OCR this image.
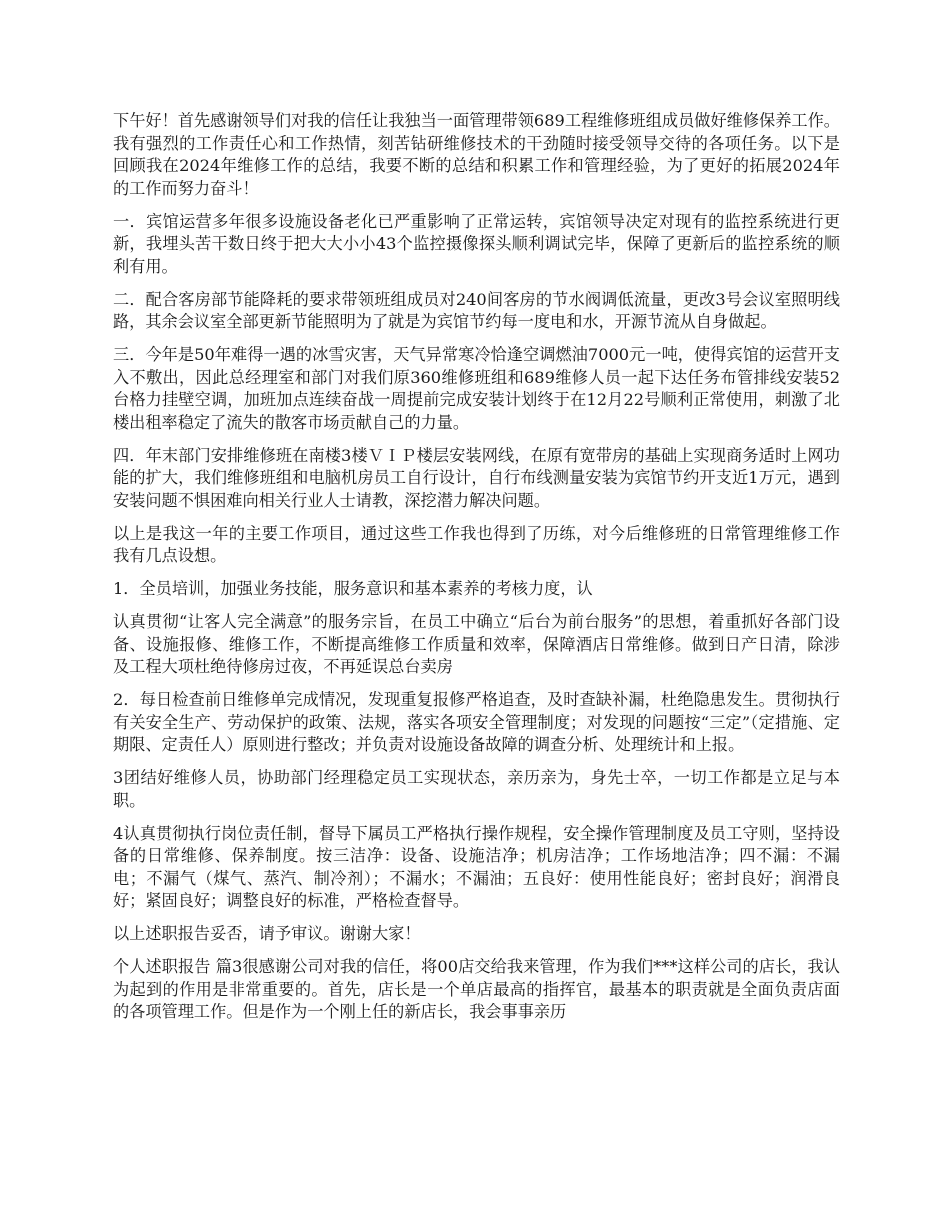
下午好！首先感谢领导们对我的信任让我独当一面管理带领689工程维修班组成员做好维修保养工作。我有强烈的工作责任心和工作热情，刻苦钻研维修技术的干劲随时接受领导交待的各项任务。以下是回顾我在2024年维修工作的总结，我要不断的总结和积累工作和管理经验，为了更好的拓展2024年的工作而努力奋斗！

一．宾馆运营多年很多设施设备老化已严重影响了正常运转，宾馆领导决定对现有的监控系统进行更新，我埋头苦干数日终于把大大小小43个监控摄像探头顺利调试完毕，保障了更新后的监控系统的顺利有用。

二．配合客房部节能降耗的要求带领班组成员对240间客房的节水阀调低流量，更改3号会议室照明线路，其余会议室全部更新节能照明为了就是为宾馆节约每一度电和水，开源节流从自身做起。

三．今年是50年难得一遇的冰雪灾害，天气异常寒冷恰逢空调燃油7000元一吨，使得宾馆的运营开支入不敷出，因此总经理室和部门对我们原360维修班组和689维修人员一起下达任务布管排线安装52台格力挂壁空调，加班加点连续奋战一周提前完成安装计划终于在12月22号顺利正常使用，刺激了北楼出租率稳定了流失的散客市场贡献自己的力量。

四．年末部门安排维修班在南楼3楼ＶＩＰ楼层安装网线，在原有宽带房的基础上实现商务适时上网功能的扩大，我们维修班组和电脑机房员工自行设计，自行布线测量安装为宾馆节约开支近1万元，遇到安装问题不惧困难向相关行业人士请教，深挖潜力解决问题。

以上是我这一年的主要工作项目，通过这些工作我也得到了历练，对今后维修班的日常管理维修工作我有几点设想。

1．全员培训，加强业务技能，服务意识和基本素养的考核力度，认

认真贯彻“让客人完全满意”的服务宗旨，在员工中确立“后台为前台服务”的思想，着重抓好各部门设备、设施报修、维修工作，不断提高维修工作质量和效率，保障酒店日常维修。做到日产日清，除涉及工程大项杜绝待修房过夜，不再延误总台卖房

2．每日检查前日维修单完成情况，发现重复报修严格追查，及时查缺补漏，杜绝隐患发生。贯彻执行有关安全生产、劳动保护的政策、法规，落实各项安全管理制度；对发现的问题按“三定”（定措施、定期限、定责任人）原则进行整改；并负责对设施设备故障的调查分析、处理统计和上报。

3团结好维修人员，协助部门经理稳定员工实现状态，亲历亲为，身先士卒，一切工作都是立足与本职。

4认真贯彻执行岗位责任制，督导下属员工严格执行操作规程，安全操作管理制度及员工守则，坚持设备的日常维修、保养制度。按三洁净：设备、设施洁净；机房洁净；工作场地洁净；四不漏：不漏电；不漏气（煤气、蒸汽、制冷剂）；不漏水；不漏油；五良好：使用性能良好；密封良好；润滑良好；紧固良好；调整良好的标准，严格检查督导。

以上述职报告妥否，请予审议。谢谢大家！

个人述职报告 篇3很感谢公司对我的信任，将00店交给我来管理，作为我们***这样公司的店长，我认为起到的作用是非常重要的。首先，店长是一个单店最高的指挥官，最基本的职责就是全面负责店面的各项管理工作。但是作为一个刚上任的新店长，我会事事亲历
